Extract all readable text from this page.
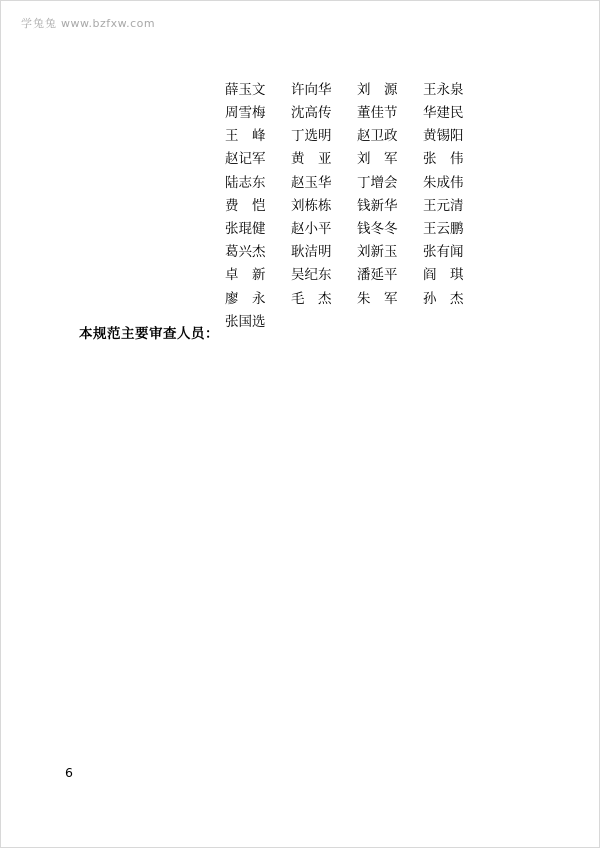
学兔兔 www.bzfxw.com
本规范主要审查人员：
薛玉文	许向华	刘　源	王永泉
周雪梅	沈高传	董佳节	华建民
王　峰	丁选明	赵卫政	黄锡阳
赵记军	黄　亚	刘　军	张　伟
陆志东	赵玉华	丁增会	朱成伟
费　恺	刘栋栋	钱新华	王元清
张琨健	赵小平	钱冬冬	王云鹏
葛兴杰	耿洁明	刘新玉	张有闻
卓　新	吴纪东	潘延平	阎　琪
廖　永	毛　杰	朱　军	孙　杰
张国选
6
